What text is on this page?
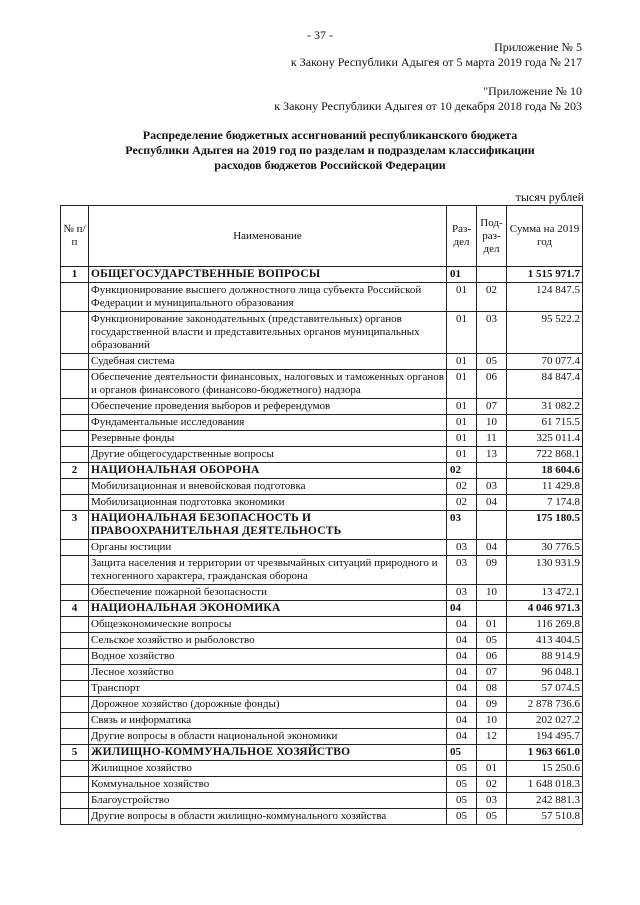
- 37 -
Приложение № 5
к Закону Республики Адыгея от 5 марта 2019 года № 217
"Приложение № 10
к Закону Республики Адыгея от 10 декабря 2018 года № 203
Распределение бюджетных ассигнований республиканского бюджета
Республики Адыгея на 2019 год по разделам и подразделам классификации
расходов бюджетов Российской Федерации
тысяч рублей
№ п/п	Наименование	Раз-дел	Под-раз-дел	Сумма на 2019 год
1	ОБЩЕГОСУДАРСТВЕННЫЕ ВОПРОСЫ	01		1 515 971.7
	Функционирование высшего должностного лица субъекта Российской Федерации и муниципального образования	01	02	124 847.5
	Функционирование законодательных (представительных) органов государственной власти и представительных органов муниципальных образований	01	03	95 522.2
	Судебная система	01	05	70 077.4
	Обеспечение деятельности финансовых, налоговых и таможенных органов и органов финансового (финансово-бюджетного) надзора	01	06	84 847.4
	Обеспечение проведения выборов и референдумов	01	07	31 082.2
	Фундаментальные исследования	01	10	61 715.5
	Резервные фонды	01	11	325 011.4
	Другие общегосударственные вопросы	01	13	722 868.1
2	НАЦИОНАЛЬНАЯ ОБОРОНА	02		18 604.6
	Мобилизационная и вневойсковая подготовка	02	03	11 429.8
	Мобилизационная подготовка экономики	02	04	7 174.8
3	НАЦИОНАЛЬНАЯ БЕЗОПАСНОСТЬ И ПРАВООХРАНИТЕЛЬНАЯ ДЕЯТЕЛЬНОСТЬ	03		175 180.5
	Органы юстиции	03	04	30 776.5
	Защита населения и территории от чрезвычайных ситуаций природного и техногенного характера, гражданская оборона	03	09	130 931.9
	Обеспечение пожарной безопасности	03	10	13 472.1
4	НАЦИОНАЛЬНАЯ ЭКОНОМИКА	04		4 046 971.3
	Общеэкономические вопросы	04	01	116 269.8
	Сельское хозяйство и рыболовство	04	05	413 404.5
	Водное хозяйство	04	06	88 914.9
	Лесное хозяйство	04	07	96 048.1
	Транспорт	04	08	57 074.5
	Дорожное хозяйство (дорожные фонды)	04	09	2 878 736.6
	Связь и информатика	04	10	202 027.2
	Другие вопросы в области национальной экономики	04	12	194 495.7
5	ЖИЛИЩНО-КОММУНАЛЬНОЕ ХОЗЯЙСТВО	05		1 963 661.0
	Жилищное хозяйство	05	01	15 250.6
	Коммунальное хозяйство	05	02	1 648 018.3
	Благоустройство	05	03	242 881.3
	Другие вопросы в области жилищно-коммунального хозяйства	05	05	57 510.8
